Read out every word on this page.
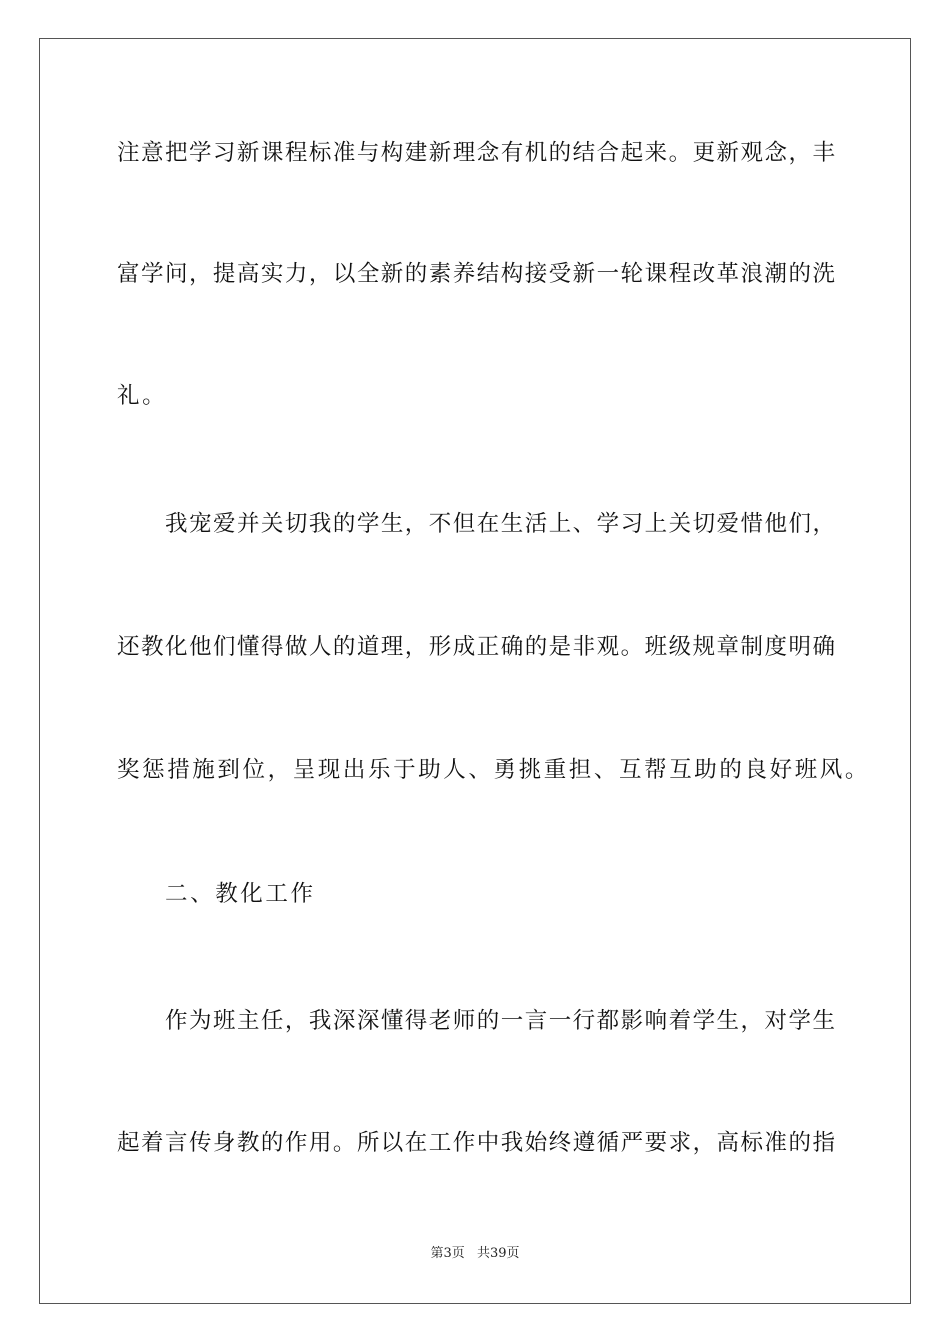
注意把学习新课程标准与构建新理念有机的结合起来。更新观念，丰
富学问，提高实力，以全新的素养结构接受新一轮课程改革浪潮的洗
礼。
我宠爱并关切我的学生，不但在生活上、学习上关切爱惜他们，
还教化他们懂得做人的道理，形成正确的是非观。班级规章制度明确
奖惩措施到位，呈现出乐于助人、勇挑重担、互帮互助的良好班风。
二、教化工作
作为班主任，我深深懂得老师的一言一行都影响着学生，对学生
起着言传身教的作用。所以在工作中我始终遵循严要求，高标准的指
第3页 共39页
